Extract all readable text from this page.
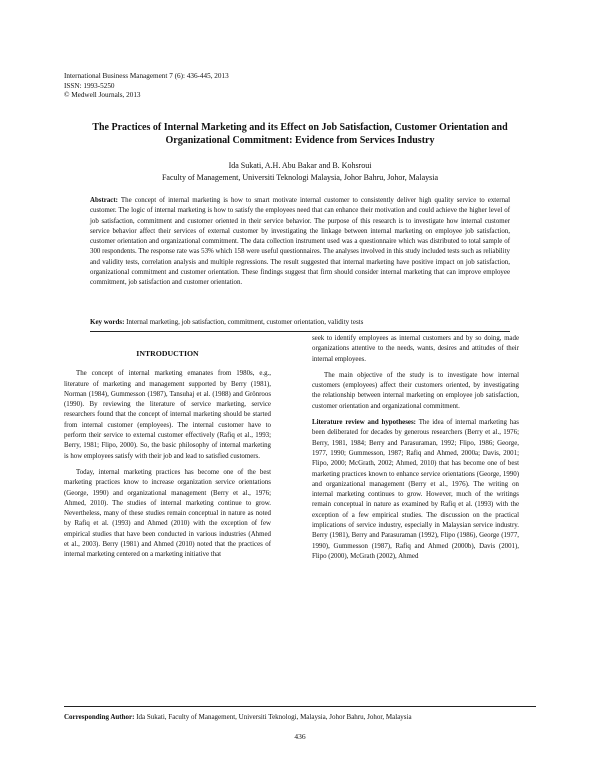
International Business Management 7 (6): 436-445, 2013
ISSN: 1993-5250
© Medwell Journals, 2013
The Practices of Internal Marketing and its Effect on Job Satisfaction, Customer Orientation and Organizational Commitment: Evidence from Services Industry
Ida Sukati, A.H. Abu Bakar and B. Kohsroui
Faculty of Management, Universiti Teknologi Malaysia, Johor Bahru, Johor, Malaysia
Abstract: The concept of internal marketing is how to smart motivate internal customer to consistently deliver high quality service to external customer. The logic of internal marketing is how to satisfy the employees need that can enhance their motivation and could achieve the higher level of job satisfaction, commitment and customer oriented in their service behavior. The purpose of this research is to investigate how internal customer service behavior affect their services of external customer by investigating the linkage between internal marketing on employee job satisfaction, customer orientation and organizational commitment. The data collection instrument used was a questionnaire which was distributed to total sample of 300 respondents. The response rate was 53% which 158 were useful questionnaires. The analyses involved in this study included tests such as reliability and validity tests, correlation analysis and multiple regressions. The result suggested that internal marketing have positive impact on job satisfaction, organizational commitment and customer orientation. These findings suggest that firm should consider internal marketing that can improve employee commitment, job satisfaction and customer orientation.
Key words: Internal marketing, job satisfaction, commitment, customer orientation, validity tests
INTRODUCTION

The concept of internal marketing emanates from 1980s, e.g., literature of marketing and management supported by Berry (1981), Norman (1984), Gummesson (1987), Tansuhaj et al. (1988) and Grönroos (1990). By reviewing the literature of service marketing, service researchers found that the concept of internal marketing should be started from internal customer (employees). The internal customer have to perform their service to external customer effectively (Rafiq et al., 1993; Berry, 1981; Flipo, 2000). So, the basic philosophy of internal marketing is how employees satisfy with their job and lead to satisfied customers.

Today, internal marketing practices has become one of the best marketing practices know to increase organization service orientations (George, 1990) and organizational management (Berry et al., 1976; Ahmed, 2010). The studies of internal marketing continue to grow. Nevertheless, many of these studies remain conceptual in nature as noted by Rafiq et al. (1993) and Ahmed (2010) with the exception of few empirical studies that have been conducted in various industries (Ahmed et al., 2003). Berry (1981) and Ahmed (2010) noted that the practices of internal marketing centered on a marketing initiative that

seek to identify employees as internal customers and by so doing, made organizations attentive to the needs, wants, desires and attitudes of their internal employees.

The main objective of the study is to investigate how internal customers (employees) affect their customers oriented, by investigating the relationship between internal marketing on employee job satisfaction, customer orientation and organizational commitment.

Literature review and hypotheses: The idea of internal marketing has been deliberated for decades by generous researchers (Berry et al., 1976; Berry, 1981, 1984; Berry and Parasuraman, 1992; Flipo, 1986; George, 1977, 1990; Gummesson, 1987; Rafiq and Ahmed, 2000a; Davis, 2001; Flipo, 2000; McGrath, 2002; Ahmed, 2010) that has become one of best marketing practices known to enhance service orientations (George, 1990) and organizational management (Berry et al., 1976). The writing on internal marketing continues to grow. However, much of the writings remain conceptual in nature as examined by Rafiq et al. (1993) with the exception of a few empirical studies. The discussion on the practical implications of service industry, especially in Malaysian service industry. Berry (1981), Berry and Parasuraman (1992), Flipo (1986), George (1977, 1990), Gummesson (1987), Rafiq and Ahmed (2000b), Davis (2001), Flipo (2000), McGrath (2002), Ahmed

Corresponding Author: Ida Sukati, Faculty of Management, Universiti Teknologi, Malaysia, Johor Bahru, Johor, Malaysia
436
